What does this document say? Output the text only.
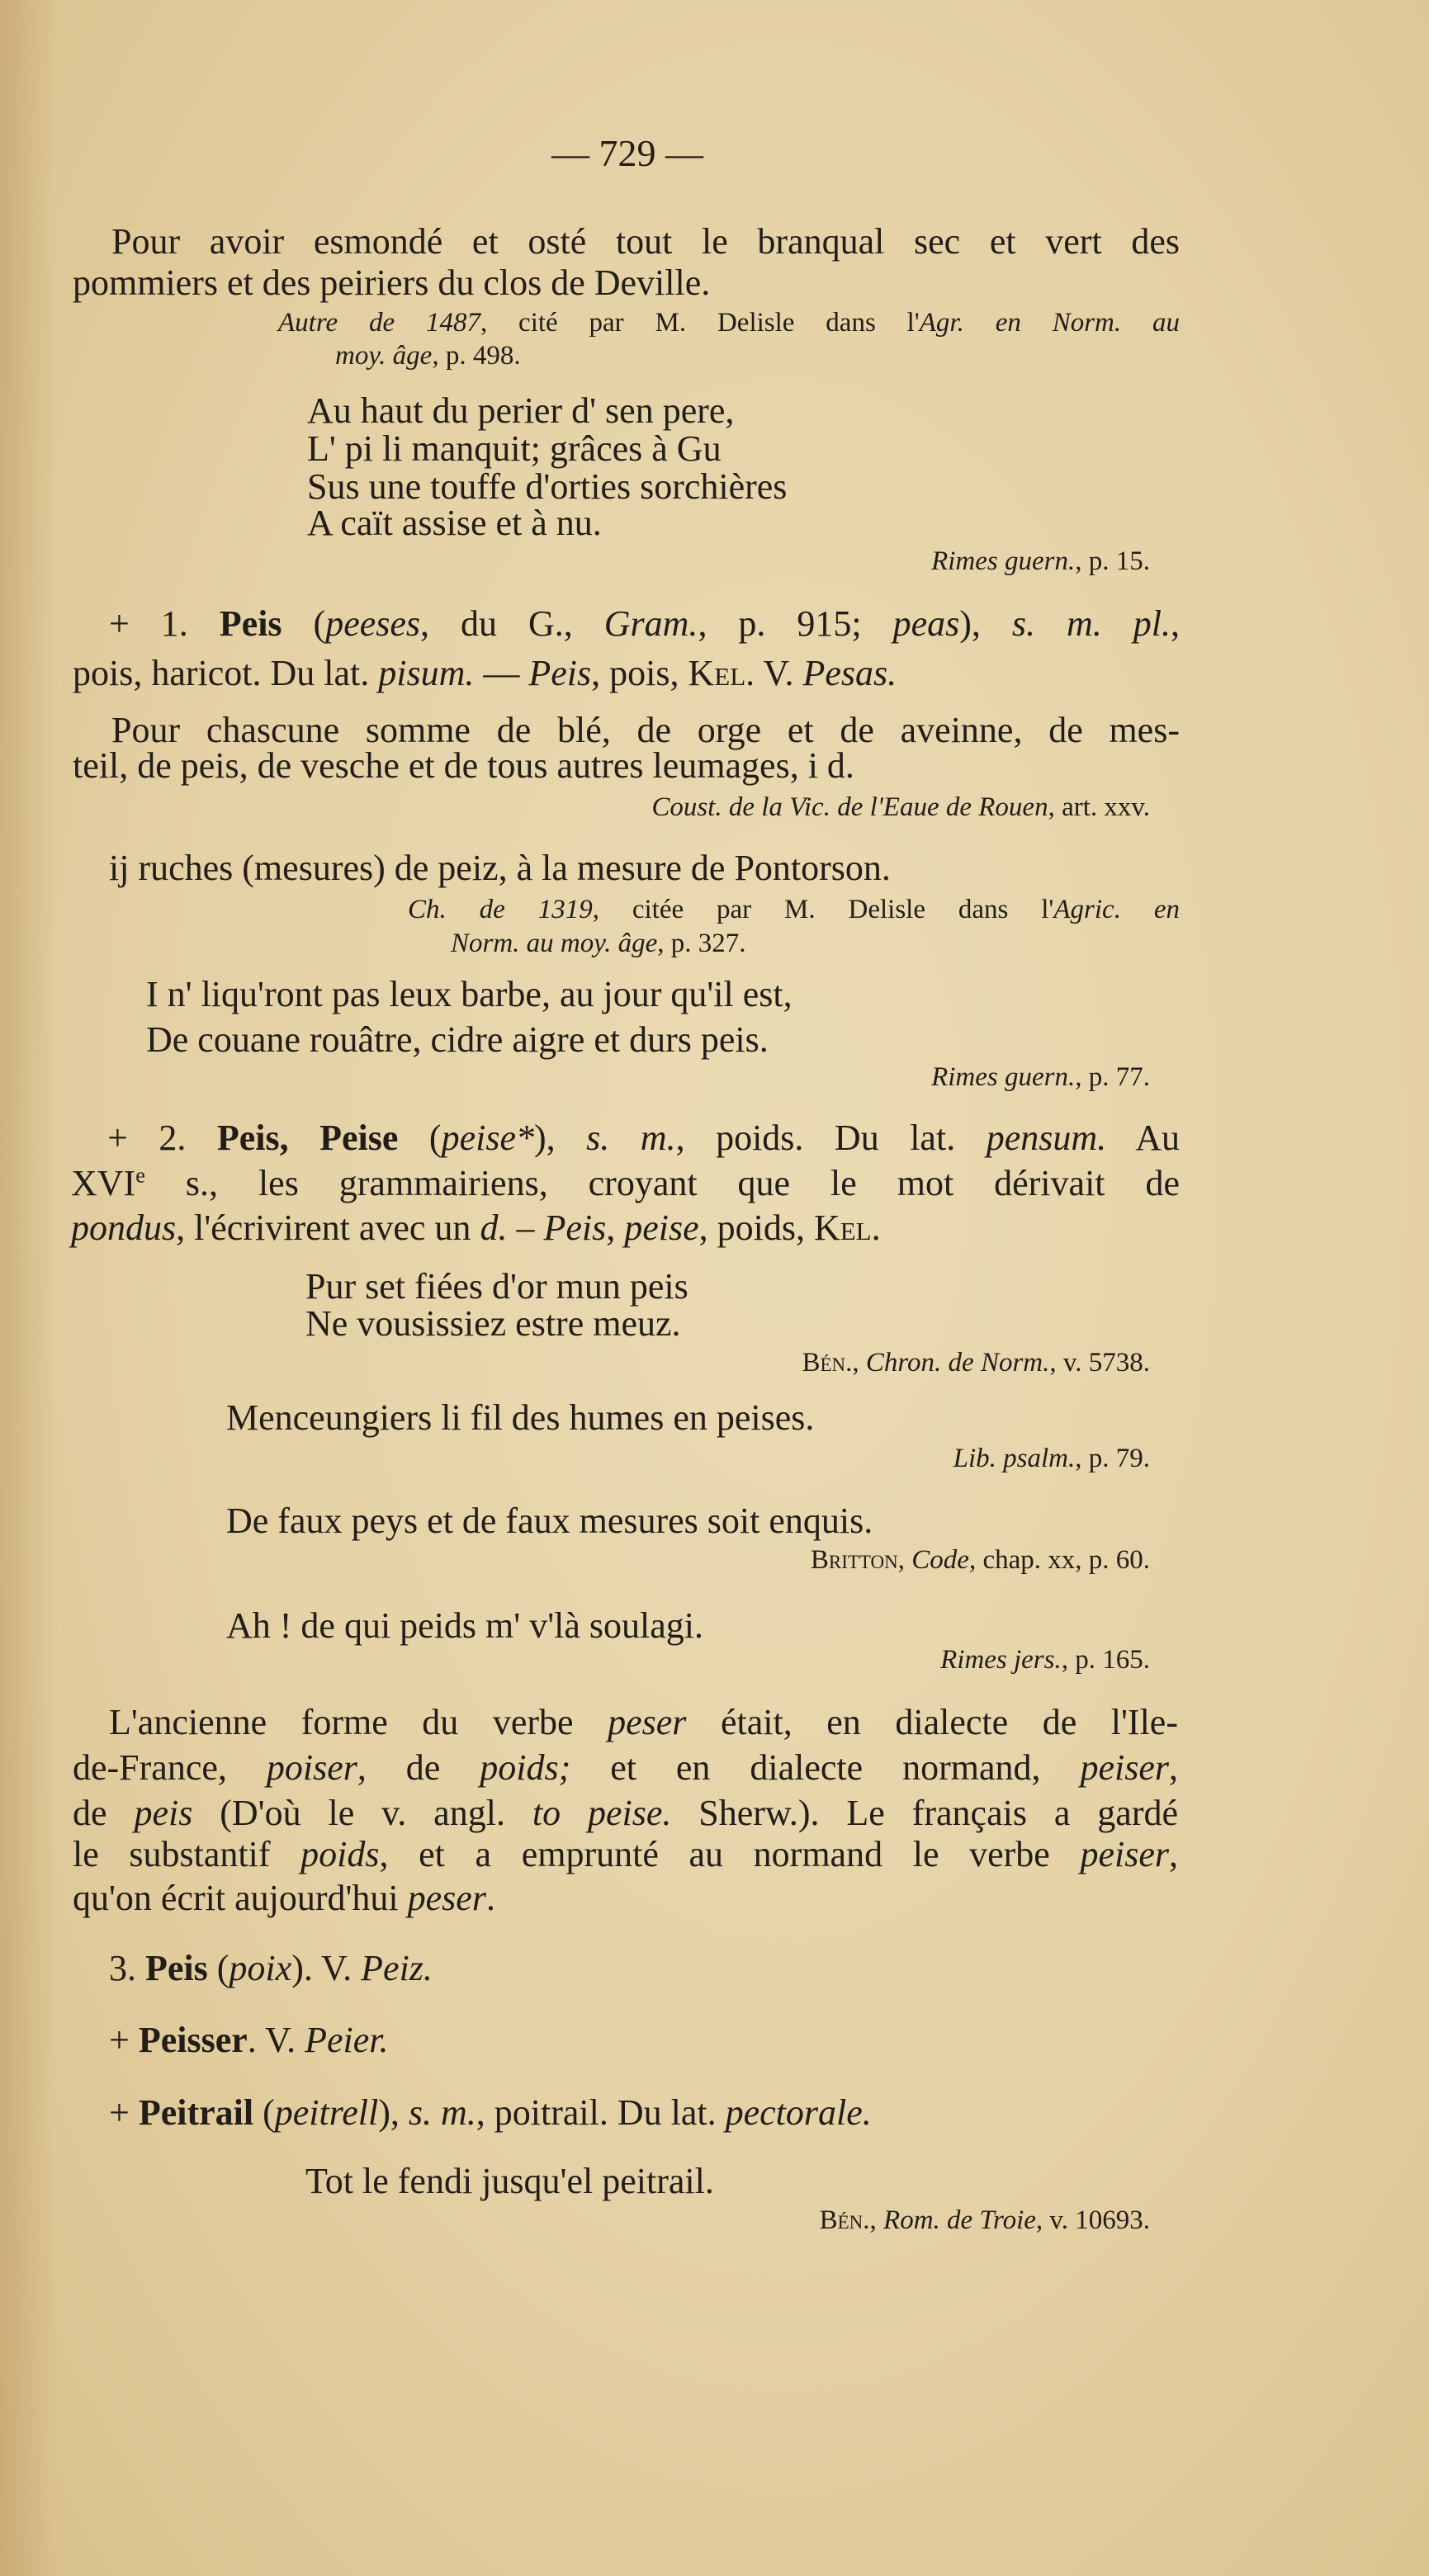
— 729 —
Pour avoir esmondé et osté tout le branqual sec et vert des
pommiers et des peiriers du clos de Deville.
Autre de 1487, cité par M. Delisle dans l'Agr. en Norm. au
moy. âge, p. 498.
Au haut du perier d' sen pere,
L' pi li manquit; grâces à Gu
Sus une touffe d'orties sorchières
A caït assise et à nu.
Rimes guern., p. 15.
+ 1. Peis (peeses, du G., Gram., p. 915; peas), s. m. pl.,
pois, haricot. Du lat. pisum. — Peis, pois, Kel. V. Pesas.
Pour chascune somme de blé, de orge et de aveinne, de mes-
teil, de peis, de vesche et de tous autres leumages, i d.
Coust. de la Vic. de l'Eaue de Rouen, art. xxv.
ij ruches (mesures) de peiz, à la mesure de Pontorson.
Ch. de 1319, citée par M. Delisle dans l'Agric. en
Norm. au moy. âge, p. 327.
I n' liqu'ront pas leux barbe, au jour qu'il est,
De couane rouâtre, cidre aigre et durs peis.
Rimes guern., p. 77.
+ 2. Peis, Peise (peise*), s. m., poids. Du lat. pensum. Au
XVIe s., les grammairiens, croyant que le mot dérivait de
pondus, l'écrivirent avec un d. – Peis, peise, poids, Kel.
Pur set fiées d'or mun peis
Ne vousissiez estre meuz.
Bén., Chron. de Norm., v. 5738.
Menceungiers li fil des humes en peises.
Lib. psalm., p. 79.
De faux peys et de faux mesures soit enquis.
Britton, Code, chap. xx, p. 60.
Ah ! de qui peids m' v'là soulagi.
Rimes jers., p. 165.
L'ancienne forme du verbe peser était, en dialecte de l'Ile-
de-France, poiser, de poids; et en dialecte normand, peiser,
de peis (D'où le v. angl. to peise. Sherw.). Le français a gardé
le substantif poids, et a emprunté au normand le verbe peiser,
qu'on écrit aujourd'hui peser.
3. Peis (poix). V. Peiz.
+ Peisser. V. Peier.
+ Peitrail (peitrell), s. m., poitrail. Du lat. pectorale.
Tot le fendi jusqu'el peitrail.
Bén., Rom. de Troie, v. 10693.
